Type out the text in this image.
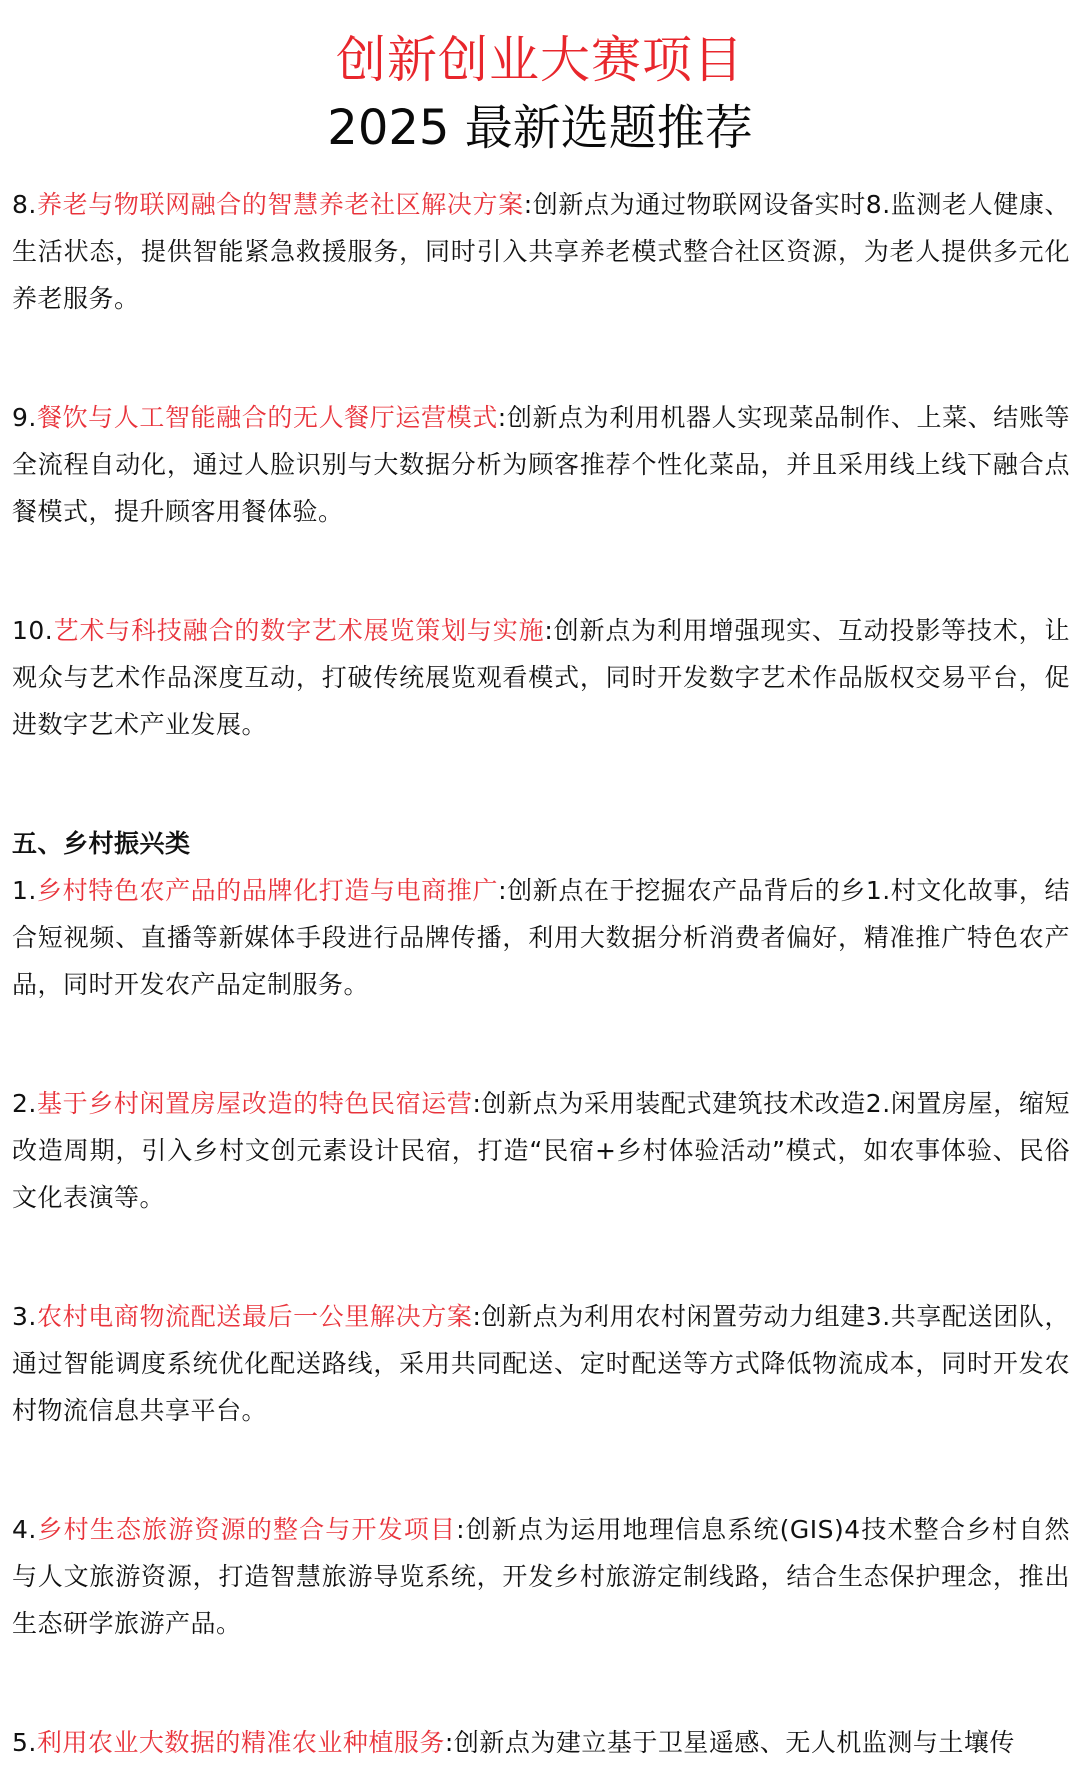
创新创业大赛项目
2025 最新选题推荐

8.养老与物联网融合的智慧养老社区解决方案:创新点为通过物联网设备实时8.监测老人健康、生活状态，提供智能紧急救援服务，同时引入共享养老模式整合社区资源，为老人提供多元化养老服务。

9.餐饮与人工智能融合的无人餐厅运营模式:创新点为利用机器人实现菜品制作、上菜、结账等全流程自动化，通过人脸识别与大数据分析为顾客推荐个性化菜品，并且采用线上线下融合点餐模式，提升顾客用餐体验。

10.艺术与科技融合的数字艺术展览策划与实施:创新点为利用增强现实、互动投影等技术，让观众与艺术作品深度互动，打破传统展览观看模式，同时开发数字艺术作品版权交易平台，促进数字艺术产业发展。

五、乡村振兴类

1.乡村特色农产品的品牌化打造与电商推广:创新点在于挖掘农产品背后的乡1.村文化故事，结合短视频、直播等新媒体手段进行品牌传播，利用大数据分析消费者偏好，精准推广特色农产品，同时开发农产品定制服务。

2.基于乡村闲置房屋改造的特色民宿运营:创新点为采用装配式建筑技术改造2.闲置房屋，缩短改造周期，引入乡村文创元素设计民宿，打造“民宿+乡村体验活动”模式，如农事体验、民俗文化表演等。

3.农村电商物流配送最后一公里解决方案:创新点为利用农村闲置劳动力组建3.共享配送团队，通过智能调度系统优化配送路线，采用共同配送、定时配送等方式降低物流成本，同时开发农村物流信息共享平台。

4.乡村生态旅游资源的整合与开发项目:创新点为运用地理信息系统(GIS)4技术整合乡村自然与人文旅游资源，打造智慧旅游导览系统，开发乡村旅游定制线路，结合生态保护理念，推出生态研学旅游产品。

5.利用农业大数据的精准农业种植服务:创新点为建立基于卫星遥感、无人机监测与土壤传
